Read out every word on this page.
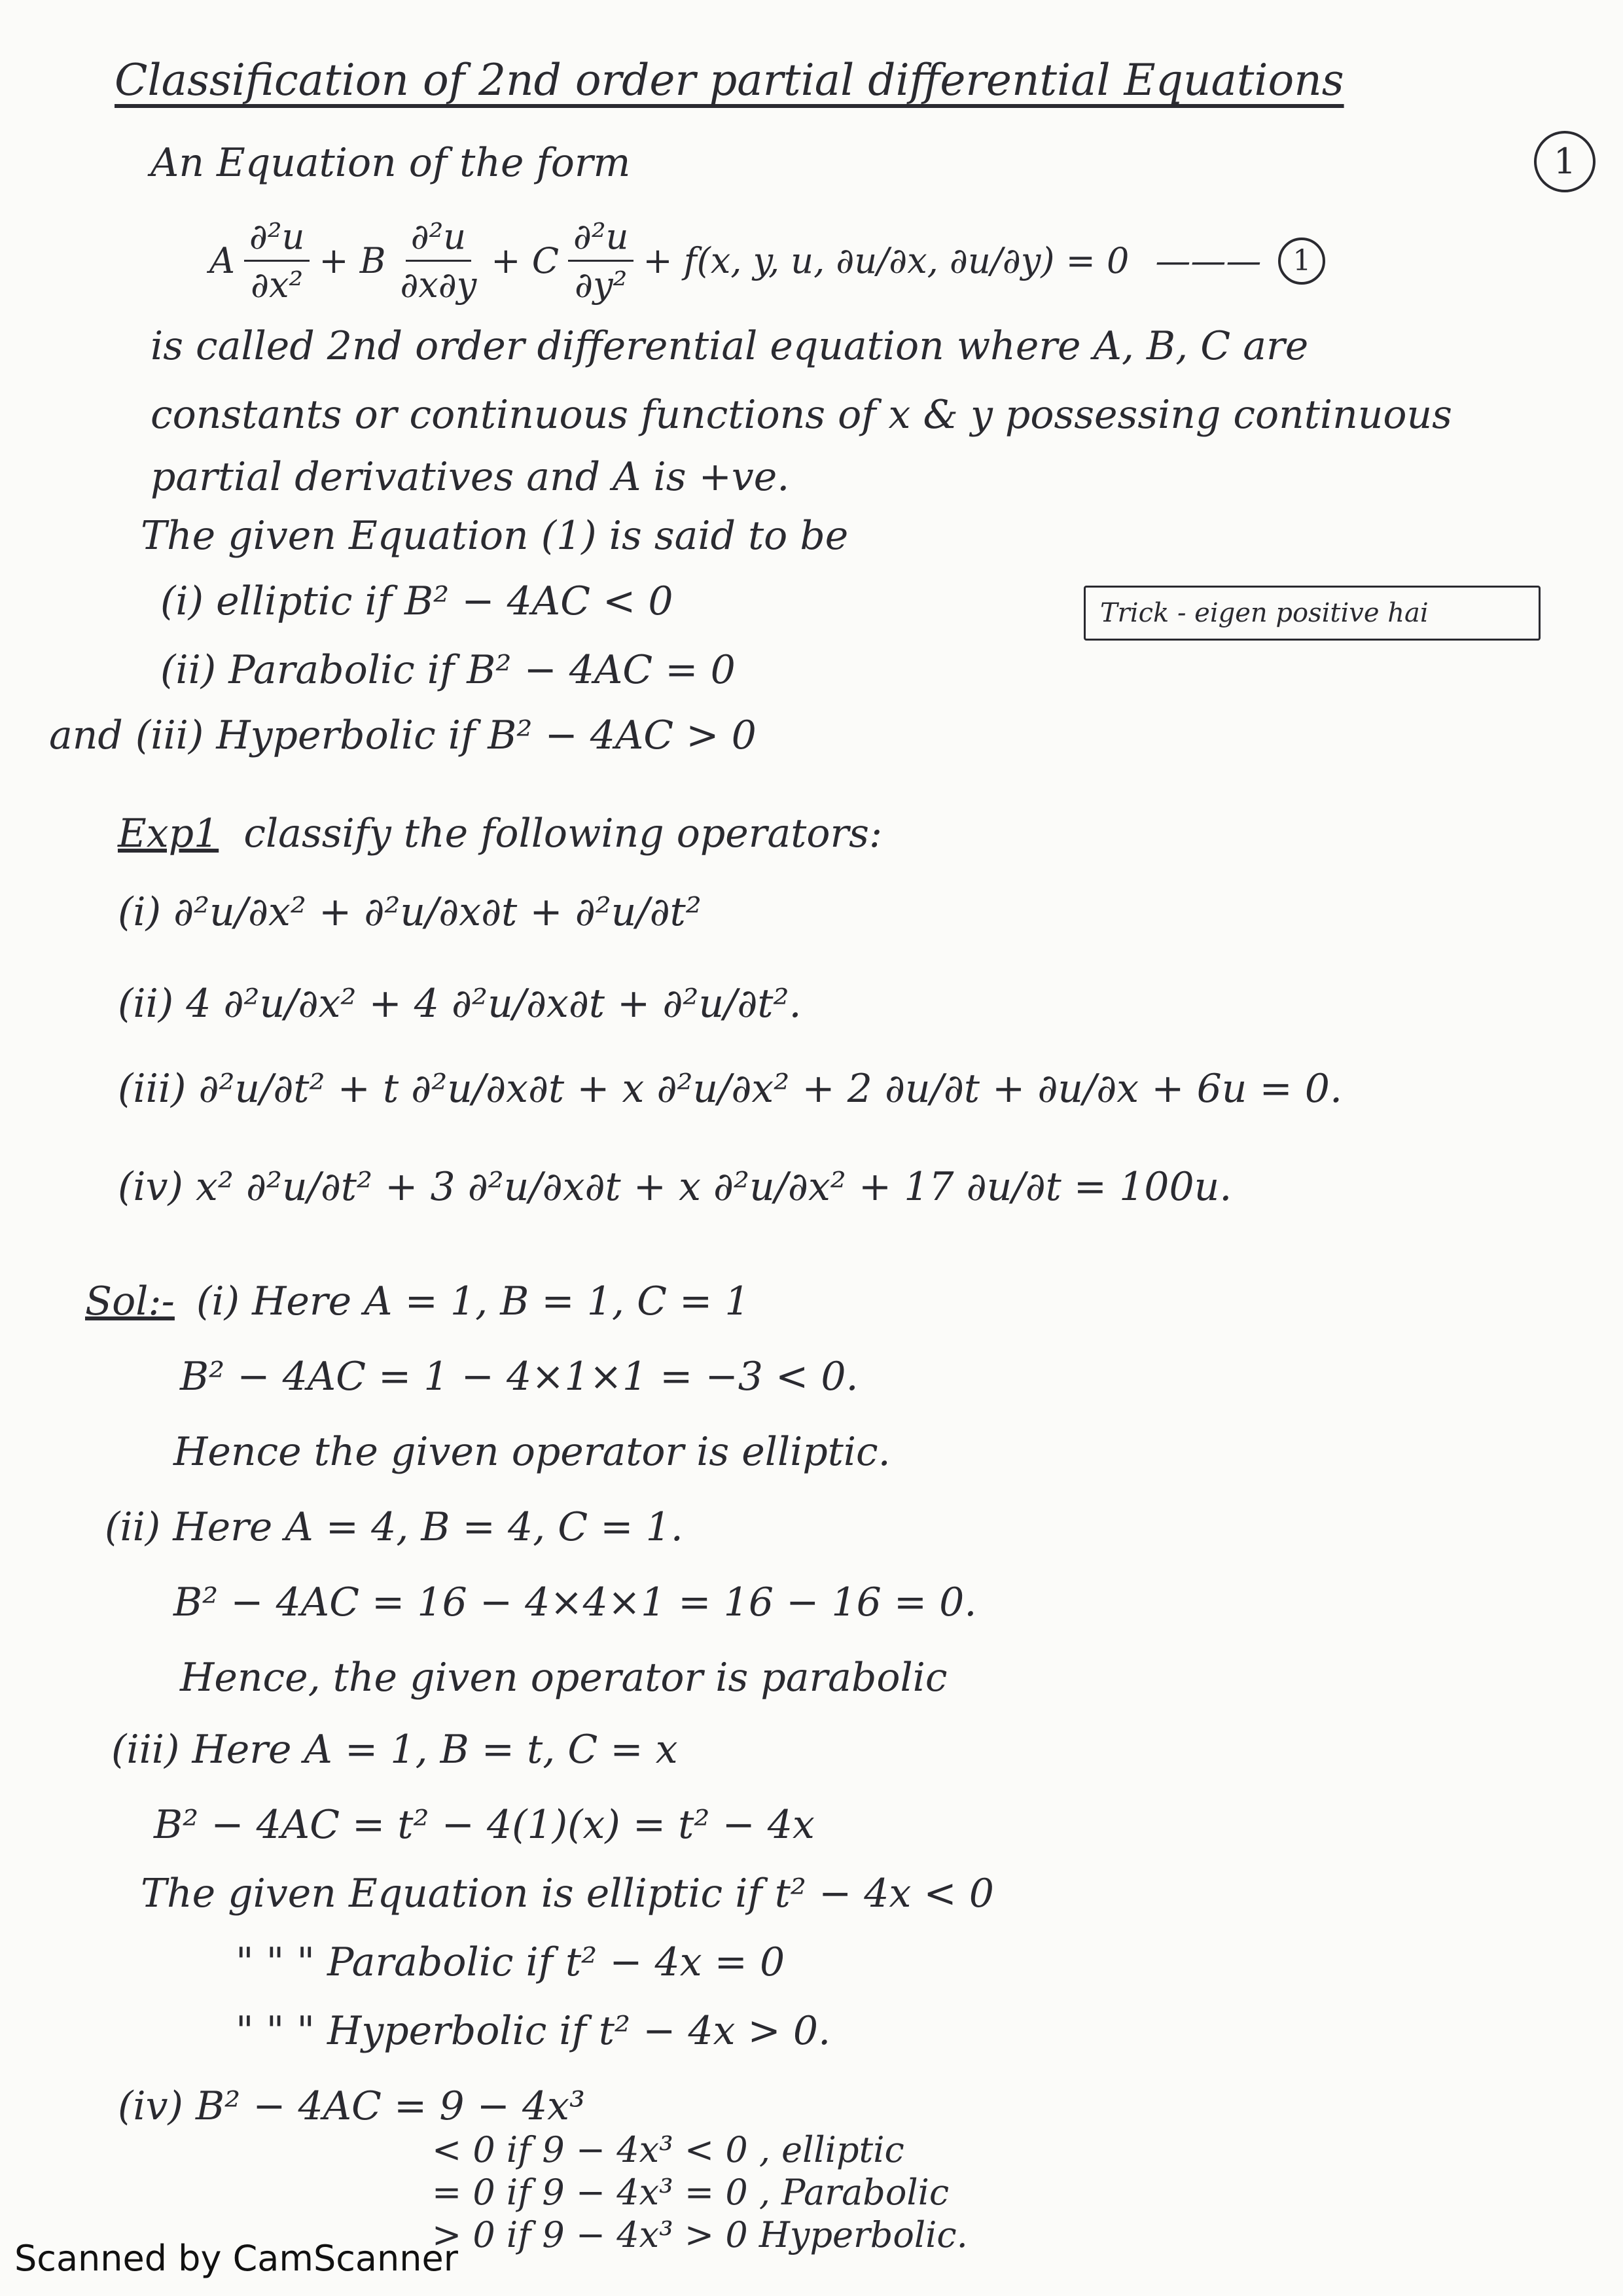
Classification of 2nd order partial differential Equations
1
An Equation of the form
A
∂²u
∂x²
+
B
∂²u
∂x∂y
+
C
∂²u
∂y²
+ f(x, y, u, ∂u/∂x, ∂u/∂y) = 0 ———	1
is called 2nd order differential equation where A, B, C are
constants or continuous functions of x & y possessing continuous
partial derivatives and A is +ve.
The given Equation (1) is said to be
(i) elliptic if B² − 4AC < 0
(ii) Parabolic if B² − 4AC = 0
and (iii) Hyperbolic if B² − 4AC > 0
Trick - eigen positive hai
Exp1 classify the following operators:
(i) ∂²u/∂x² + ∂²u/∂x∂t + ∂²u/∂t²
(ii) 4 ∂²u/∂x² + 4 ∂²u/∂x∂t + ∂²u/∂t².
(iii) ∂²u/∂t² + t ∂²u/∂x∂t + x ∂²u/∂x² + 2 ∂u/∂t + ∂u/∂x + 6u = 0.
(iv) x² ∂²u/∂t² + 3 ∂²u/∂x∂t + x ∂²u/∂x² + 17 ∂u/∂t = 100u.
Sol:- (i) Here A = 1, B = 1, C = 1
B² − 4AC = 1 − 4×1×1 = −3 < 0.
Hence the given operator is elliptic.
(ii) Here A = 4, B = 4, C = 1.
B² − 4AC = 16 − 4×4×1 = 16 − 16 = 0.
Hence, the given operator is parabolic
(iii) Here A = 1, B = t, C = x
B² − 4AC = t² − 4(1)(x) = t² − 4x
The given Equation is elliptic if t² − 4x < 0
" " " Parabolic if t² − 4x = 0
" " " Hyperbolic if t² − 4x > 0.
(iv) B² − 4AC = 9 − 4x³
< 0 if 9 − 4x³ < 0 , elliptic
= 0 if 9 − 4x³ = 0 , Parabolic
> 0 if 9 − 4x³ > 0 Hyperbolic.
Scanned by CamScanner
